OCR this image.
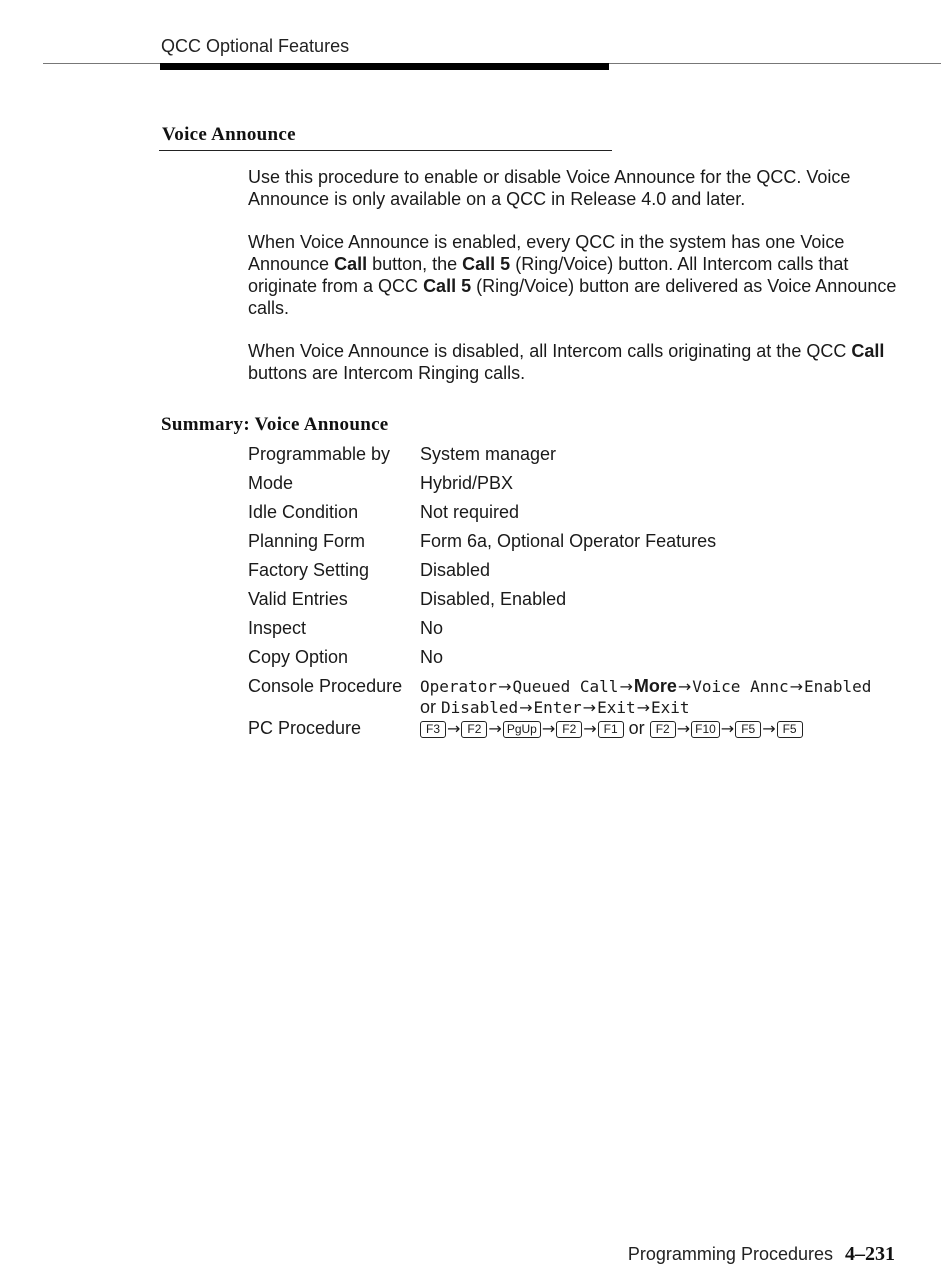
QCC Optional Features
Voice Announce

Use this procedure to enable or disable Voice Announce for the QCC. Voice Announce is only available on a QCC in Release 4.0 and later.

When Voice Announce is enabled, every QCC in the system has one Voice Announce Call button, the Call 5 (Ring/Voice) button. All Intercom calls that originate from a QCC Call 5 (Ring/Voice) button are delivered as Voice Announce calls.

When Voice Announce is disabled, all Intercom calls originating at the QCC Call buttons are Intercom Ringing calls.

Summary: Voice Announce
Programmable by	System manager
Mode	Hybrid/PBX
Idle Condition	Not required
Planning Form	Form 6a, Optional Operator Features
Factory Setting	Disabled
Valid Entries	Disabled, Enabled
Inspect	No
Copy Option	No
Console Procedure	Operator→Queued Call→More→Voice Annc→Enabled
or Disabled→Enter→Exit→Exit
PC Procedure	F3 → F2 → PgUp → F2 → F1 or F2 → F10 → F5 → F5
Programming Procedures 4–231
